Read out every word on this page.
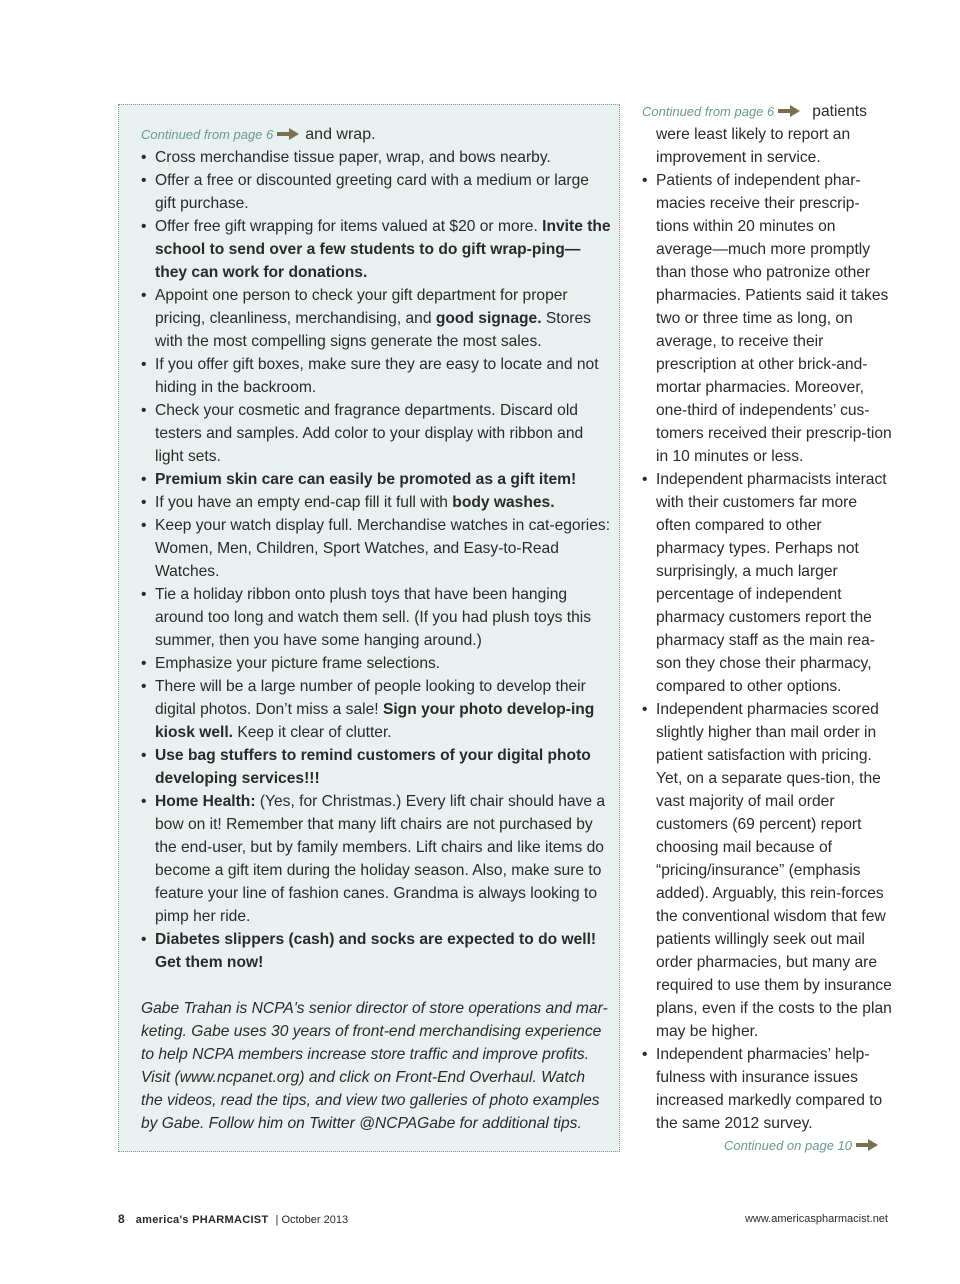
Continued from page 6 and wrap.
• Cross merchandise tissue paper, wrap, and bows nearby.
• Offer a free or discounted greeting card with a medium or large gift purchase.
• Offer free gift wrapping for items valued at $20 or more. Invite the school to send over a few students to do gift wrap-ping—they can work for donations.
• Appoint one person to check your gift department for proper pricing, cleanliness, merchandising, and good signage. Stores with the most compelling signs generate the most sales.
• If you offer gift boxes, make sure they are easy to locate and not hiding in the backroom.
• Check your cosmetic and fragrance departments. Discard old testers and samples. Add color to your display with ribbon and light sets.
• Premium skin care can easily be promoted as a gift item!
• If you have an empty end-cap fill it full with body washes.
• Keep your watch display full. Merchandise watches in cat-egories: Women, Men, Children, Sport Watches, and Easy-to-Read Watches.
• Tie a holiday ribbon onto plush toys that have been hanging around too long and watch them sell. (If you had plush toys this summer, then you have some hanging around.)
• Emphasize your picture frame selections.
• There will be a large number of people looking to develop their digital photos. Don’t miss a sale! Sign your photo develop-ing kiosk well. Keep it clear of clutter.
• Use bag stuffers to remind customers of your digital photo developing services!!!
• Home Health: (Yes, for Christmas.) Every lift chair should have a bow on it! Remember that many lift chairs are not purchased by the end-user, but by family members. Lift chairs and like items do become a gift item during the holiday season. Also, make sure to feature your line of fashion canes. Grandma is always looking to pimp her ride.
• Diabetes slippers (cash) and socks are expected to do well! Get them now!
Gabe Trahan is NCPA's senior director of store operations and mar-keting. Gabe uses 30 years of front-end merchandising experience to help NCPA members increase store traffic and improve profits. Visit (www.ncpanet.org) and click on Front-End Overhaul. Watch the videos, read the tips, and view two galleries of photo examples by Gabe. Follow him on Twitter @NCPAGabe for additional tips.
Continued from page 6 patients
were least likely to report an improvement in service.
• Patients of independent phar-macies receive their prescrip-tions within 20 minutes on average—much more promptly than those who patronize other pharmacies. Patients said it takes two or three time as long, on average, to receive their prescription at other brick-and-mortar pharmacies. Moreover, one-third of independents’ cus-tomers received their prescrip-tion in 10 minutes or less.
• Independent pharmacists interact with their customers far more often compared to other pharmacy types. Perhaps not surprisingly, a much larger percentage of independent pharmacy customers report the pharmacy staff as the main rea-son they chose their pharmacy, compared to other options.
• Independent pharmacies scored slightly higher than mail order in patient satisfaction with pricing. Yet, on a separate ques-tion, the vast majority of mail order customers (69 percent) report choosing mail because of “pricing/insurance” (emphasis added). Arguably, this rein-forces the conventional wisdom that few patients willingly seek out mail order pharmacies, but many are required to use them by insurance plans, even if the costs to the plan may be higher.
• Independent pharmacies’ help-fulness with insurance issues increased markedly compared to the same 2012 survey.
Continued on page 10
8 america's PHARMACIST | October 2013	www.americaspharmacist.net
